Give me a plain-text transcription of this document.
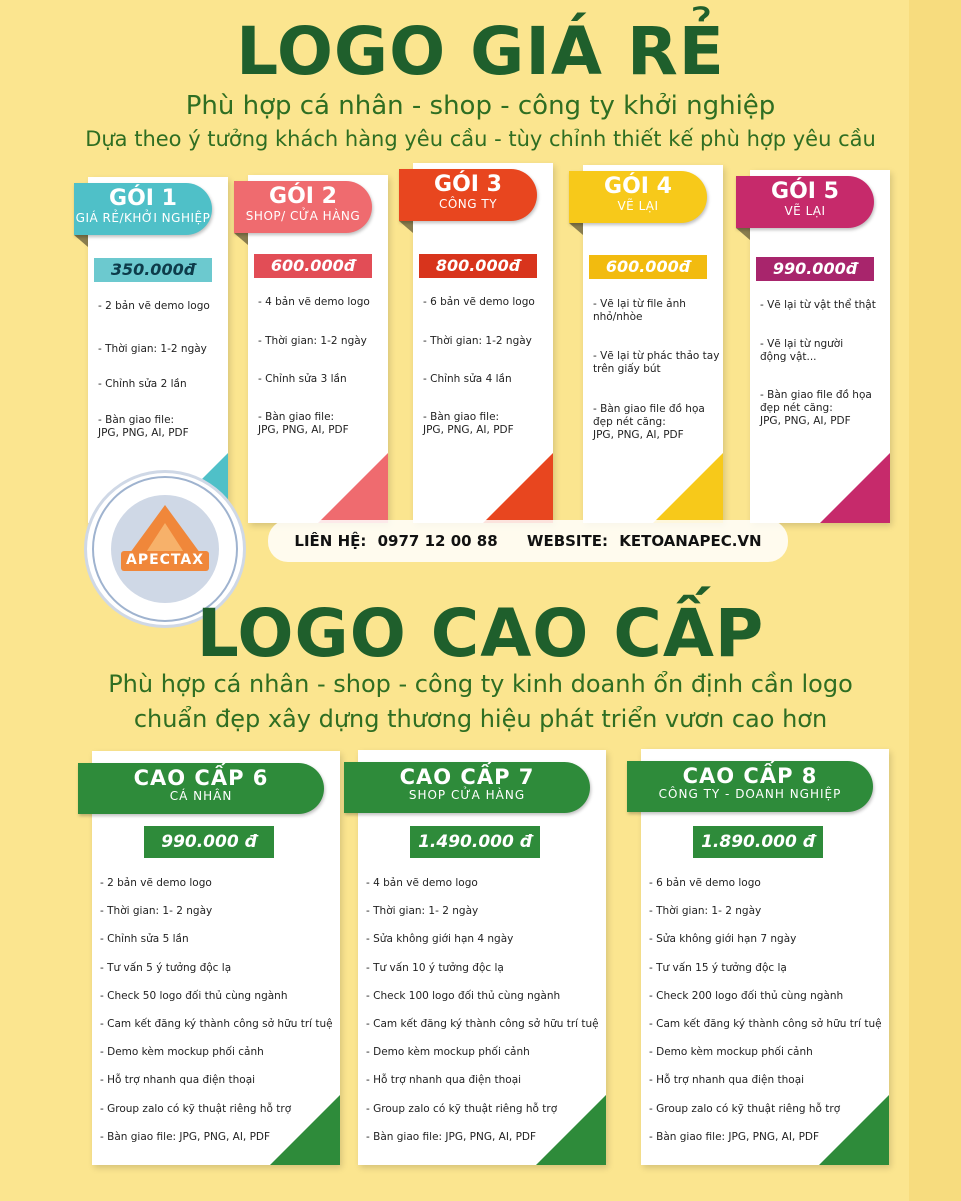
LOGO GIÁ RẺ
Phù hợp cá nhân - shop - công ty khởi nghiệp
Dựa theo ý tưởng khách hàng yêu cầu - tùy chỉnh thiết kế phù hợp yêu cầu
GÓI 1
GIÁ RẺ/KHỞI NGHIỆP
350.000đ
- 2 bản vẽ demo logo
- Thời gian: 1-2 ngày
- Chỉnh sửa 2 lần
- Bàn giao file:
JPG, PNG, AI, PDF
GÓI 2
SHOP/ CỬA HÀNG
600.000đ
- 4 bản vẽ demo logo
- Thời gian: 1-2 ngày
- Chỉnh sửa 3 lần
- Bàn giao file:
JPG, PNG, AI, PDF
GÓI 3
CÔNG TY
800.000đ
- 6 bản vẽ demo logo
- Thời gian: 1-2 ngày
- Chỉnh sửa 4 lần
- Bàn giao file:
JPG, PNG, AI, PDF
GÓI 4
VẼ LẠI
600.000đ
- Vẽ lại từ file ảnh
nhỏ/nhòe
- Vẽ lại từ phác thảo tay
trên giấy bút
- Bàn giao file đồ họa
đẹp nét căng:
JPG, PNG, AI, PDF
GÓI 5
VẼ LẠI
990.000đ
- Vẽ lại từ vật thể thật
- Vẽ lại từ người
động vật...
- Bàn giao file đồ họa
đẹp nét căng:
JPG, PNG, AI, PDF
APECTAX
LIÊN HỆ: 0977 12 00 88 WEBSITE: KETOANAPEC.VN
LOGO CAO CẤP
Phù hợp cá nhân - shop - công ty kinh doanh ổn định cần logo
chuẩn đẹp xây dựng thương hiệu phát triển vươn cao hơn
CAO CẤP 6
CÁ NHÂN
990.000 đ
- 2 bản vẽ demo logo
- Thời gian: 1- 2 ngày
- Chỉnh sửa 5 lần
- Tư vấn 5 ý tưởng độc lạ
- Check 50 logo đối thủ cùng ngành
- Cam kết đăng ký thành công sở hữu trí tuệ
- Demo kèm mockup phối cảnh
- Hỗ trợ nhanh qua điện thoại
- Group zalo có kỹ thuật riêng hỗ trợ
- Bàn giao file: JPG, PNG, AI, PDF
CAO CẤP 7
SHOP CỬA HÀNG
1.490.000 đ
- 4 bản vẽ demo logo
- Thời gian: 1- 2 ngày
- Sửa không giới hạn 4 ngày
- Tư vấn 10 ý tưởng độc lạ
- Check 100 logo đối thủ cùng ngành
- Cam kết đăng ký thành công sở hữu trí tuệ
- Demo kèm mockup phối cảnh
- Hỗ trợ nhanh qua điện thoại
- Group zalo có kỹ thuật riêng hỗ trợ
- Bàn giao file: JPG, PNG, AI, PDF
CAO CẤP 8
CÔNG TY - DOANH NGHIỆP
1.890.000 đ
- 6 bản vẽ demo logo
- Thời gian: 1- 2 ngày
- Sửa không giới hạn 7 ngày
- Tư vấn 15 ý tưởng độc lạ
- Check 200 logo đối thủ cùng ngành
- Cam kết đăng ký thành công sở hữu trí tuệ
- Demo kèm mockup phối cảnh
- Hỗ trợ nhanh qua điện thoại
- Group zalo có kỹ thuật riêng hỗ trợ
- Bàn giao file: JPG, PNG, AI, PDF
